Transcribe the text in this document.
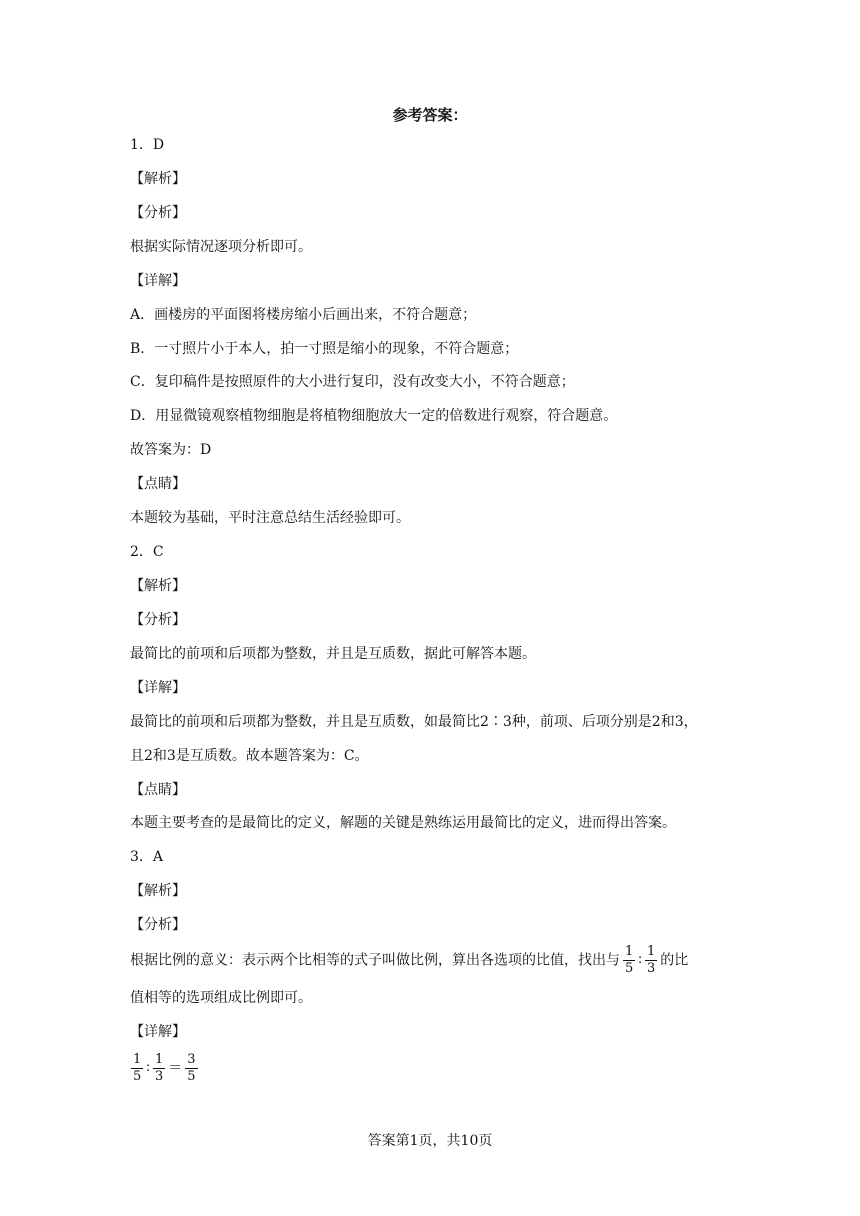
参考答案：
1．D
【解析】
【分析】
根据实际情况逐项分析即可。
【详解】
A．画楼房的平面图将楼房缩小后画出来，不符合题意；
B．一寸照片小于本人，拍一寸照是缩小的现象，不符合题意；
C．复印稿件是按照原件的大小进行复印，没有改变大小，不符合题意；
D．用显微镜观察植物细胞是将植物细胞放大一定的倍数进行观察，符合题意。
故答案为：D
【点睛】
本题较为基础，平时注意总结生活经验即可。
2．C
【解析】
【分析】
最简比的前项和后项都为整数，并且是互质数，据此可解答本题。
【详解】
最简比的前项和后项都为整数，并且是互质数，如最简比2∶3种，前项、后项分别是2和3，
且2和3是互质数。故本题答案为：C。
【点睛】
本题主要考查的是最简比的定义，解题的关键是熟练运用最简比的定义，进而得出答案。
3．A
【解析】
【分析】
根据比例的意义：表示两个比相等的式子叫做比例，算出各选项的比值，找出与 $\frac{1}{5}$ ∶ $\frac{1}{3}$ 的比
值相等的选项组成比例即可。
【详解】
$\frac{1}{5}$ ∶ $\frac{1}{3} = \frac{3}{5}$
答案第1页，共10页
